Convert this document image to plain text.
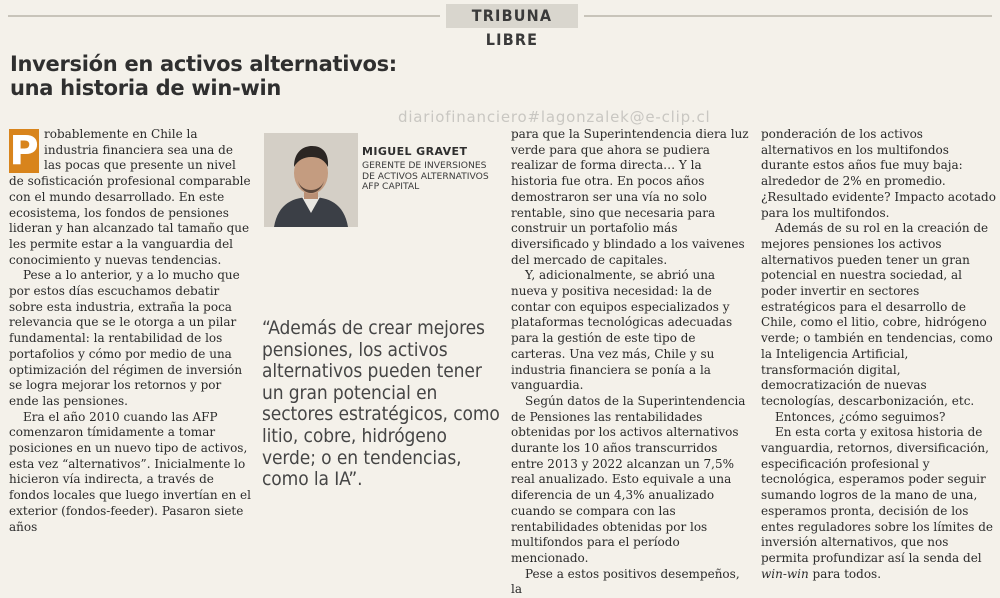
TRIBUNA LIBRE
Inversión en activos alternativos:
una historia de win-win
diariofinanciero#lagonzalek@e-clip.cl

P robablemente en Chile la industria financiera sea una de las pocas que presente un nivel de sofisticación profesional comparable con el mundo desarrollado. En este ecosistema, los fondos de pensiones lideran y han alcanzado tal tamaño que les permite estar a la vanguardia del conocimiento y nuevas tendencias.

Pese a lo anterior, y a lo mucho que por estos días escuchamos debatir sobre esta industria, extraña la poca relevancia que se le otorga a un pilar fundamental: la rentabilidad de los portafolios y cómo por medio de una optimización del régimen de inversión se logra mejorar los retornos y por ende las pensiones.

Era el año 2010 cuando las AFP comenzaron tímidamente a tomar posiciones en un nuevo tipo de activos, esta vez “alternativos”. Inicialmente lo hicieron vía indirecta, a través de fondos locales que luego invertían en el exterior (fondos-feeder). Pasaron siete años

MIGUEL GRAVET
GERENTE DE INVERSIONES DE ACTIVOS ALTERNATIVOS AFP CAPITAL
“Además de crear mejores pensiones, los activos alternativos pueden tener un gran potencial en sectores estratégicos, como litio, cobre, hidrógeno verde; o en tendencias, como la IA”.

para que la Superintendencia diera luz verde para que ahora se pudiera realizar de forma directa… Y la historia fue otra. En pocos años demostraron ser una vía no solo rentable, sino que necesaria para construir un portafolio más diversificado y blindado a los vaivenes del mercado de capitales.

Y, adicionalmente, se abrió una nueva y positiva necesidad: la de contar con equipos especializados y plataformas tecnológicas adecuadas para la gestión de este tipo de carteras. Una vez más, Chile y su industria financiera se ponía a la vanguardia.

Según datos de la Superintendencia de Pensiones las rentabilidades obtenidas por los activos alternativos durante los 10 años transcurridos entre 2013 y 2022 alcanzan un 7,5% real anualizado. Esto equivale a una diferencia de un 4,3% anualizado cuando se compara con las rentabilidades obtenidas por los multifondos para el período mencionado.

Pese a estos positivos desempeños, la

ponderación de los activos alternativos en los multifondos durante estos años fue muy baja: alrededor de 2% en promedio. ¿Resultado evidente? Impacto acotado para los multifondos.

Además de su rol en la creación de mejores pensiones los activos alternativos pueden tener un gran potencial en nuestra sociedad, al poder invertir en sectores estratégicos para el desarrollo de Chile, como el litio, cobre, hidrógeno verde; o también en tendencias, como la Inteligencia Artificial, transformación digital, democratización de nuevas tecnologías, descarbonización, etc.

Entonces, ¿cómo seguimos?

En esta corta y exitosa historia de vanguardia, retornos, diversificación, especificación profesional y tecnológica, esperamos poder seguir sumando logros de la mano de una, esperamos pronta, decisión de los entes reguladores sobre los límites de inversión alternativos, que nos permita profundizar así la senda del win-win para todos.
